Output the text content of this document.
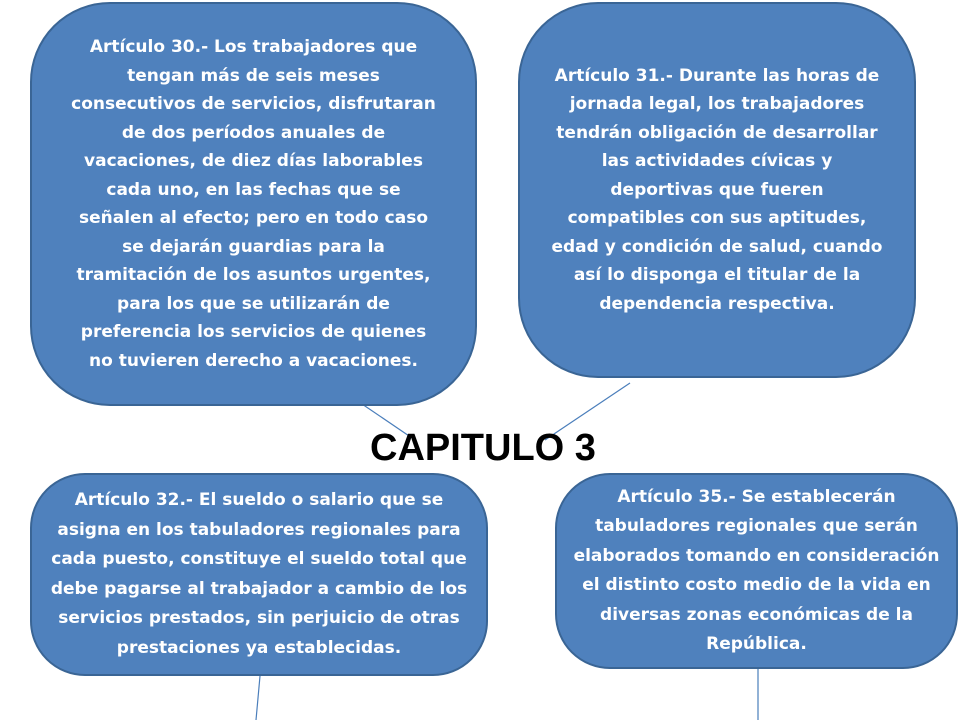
Artículo 30.- Los trabajadores que tengan más de seis meses consecutivos de servicios, disfrutaran de dos períodos anuales de vacaciones, de diez días laborables cada uno, en las fechas que se señalen al efecto; pero en todo caso se dejarán guardias para la tramitación de los asuntos urgentes, para los que se utilizarán de preferencia los servicios de quienes no tuvieren derecho a vacaciones.

Artículo 31.- Durante las horas de jornada legal, los trabajadores tendrán obligación de desarrollar las actividades cívicas y deportivas que fueren compatibles con sus aptitudes, edad y condición de salud, cuando así lo disponga el titular de la dependencia respectiva.

CAPITULO 3

Artículo 32.- El sueldo o salario que se asigna en los tabuladores regionales para cada puesto, constituye el sueldo total que debe pagarse al trabajador a cambio de los servicios prestados, sin perjuicio de otras prestaciones ya establecidas.

Artículo 35.- Se establecerán tabuladores regionales que serán elaborados tomando en consideración el distinto costo medio de la vida en diversas zonas económicas de la República.
